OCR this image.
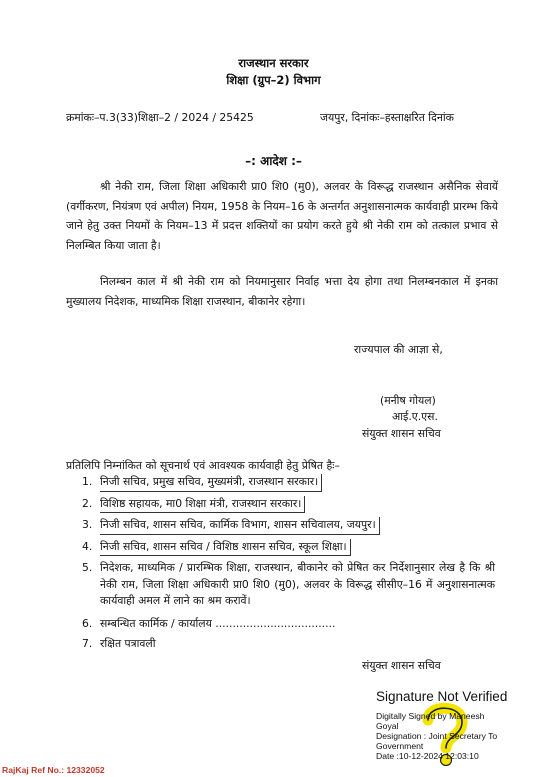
राजस्थान सरकार
शिक्षा (ग्रुप–2) विभाग
क्रमांकः–प.3(33)शिक्षा–2 / 2024 / 25425	जयपुर, दिनांकः–हस्ताक्षरित दिनांक
–: आदेश :–

श्री नेकी राम, जिला शिक्षा अधिकारी प्रा0 शि0 (मु0), अलवर के विरूद्ध राजस्थान असैनिक सेवायें (वर्गीकरण, नियंत्रण एवं अपील) नियम, 1958 के नियम–16 के अन्तर्गत अनुशासनात्मक कार्यवाही प्रारम्भ किये जाने हेतु उक्त नियमों के नियम–13 में प्रदत्त शक्तियों का प्रयोग करते हुये श्री नेकी राम को तत्काल प्रभाव से निलम्बित किया जाता है।

निलम्बन काल में श्री नेकी राम को नियमानुसार निर्वाह भत्ता देय होगा तथा निलम्बनकाल में इनका मुख्यालय निदेशक, माध्यमिक शिक्षा राजस्थान, बीकानेर रहेगा।

राज्यपाल की आज्ञा से,
(मनीष गोयल)
आई.ए.एस.
संयुक्त शासन सचिव
प्रतिलिपि निम्नांकित को सूचनार्थ एवं आवश्यक कार्यवाही हेतु प्रेषित हैः–
1. निजी सचिव, प्रमुख सचिव, मुख्यमंत्री, राजस्थान सरकार।
2. विशिष्ठ सहायक, मा0 शिक्षा मंत्री, राजस्थान सरकार।
3. निजी सचिव, शासन सचिव, कार्मिक विभाग, शासन सचिवालय, जयपुर।
4. निजी सचिव, शासन सचिव / विशिष्ठ शासन सचिव, स्कूल शिक्षा।
5. निदेशक, माध्यमिक / प्रारम्भिक शिक्षा, राजस्थान, बीकानेर को प्रेषित कर निर्देशानुसार लेख है कि श्री नेकी राम, जिला शिक्षा अधिकारी प्रा0 शि0 (मु0), अलवर के विरूद्ध सीसीए–16 में अनुशासनात्मक कार्यवाही अमल में लाने का श्रम करावें।
6. सम्बन्धित कार्मिक / कार्यालय ...................................
7. रक्षित पत्रावली
संयुक्त शासन सचिव
Signature Not Verified
Digitally Signed by Maneesh
Goyal
Designation : Joint Secretary To
Government
Date :10-12-2024 12:03:10
RajKaj Ref No.: 12332052
